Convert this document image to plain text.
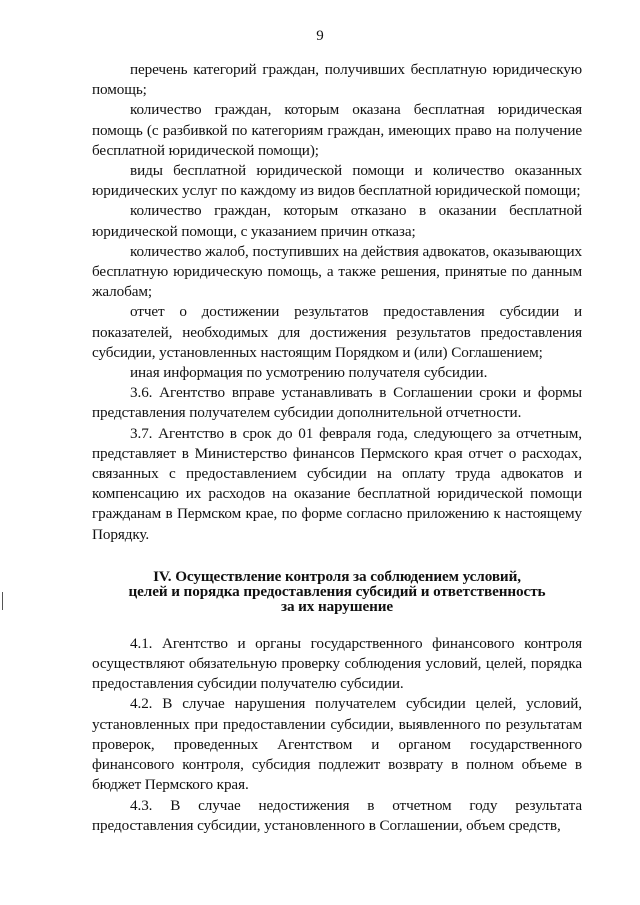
9

перечень категорий граждан, получивших бесплатную юридическую помощь;

количество граждан, которым оказана бесплатная юридическая помощь (с разбивкой по категориям граждан, имеющих право на получение бесплатной юридической помощи);

виды бесплатной юридической помощи и количество оказанных юридических услуг по каждому из видов бесплатной юридической помощи;

количество граждан, которым отказано в оказании бесплатной юридической помощи, с указанием причин отказа;

количество жалоб, поступивших на действия адвокатов, оказывающих бесплатную юридическую помощь, а также решения, принятые по данным жалобам;

отчет о достижении результатов предоставления субсидии и показателей, необходимых для достижения результатов предоставления субсидии, установленных настоящим Порядком и (или) Соглашением;

иная информация по усмотрению получателя субсидии.

3.6. Агентство вправе устанавливать в Соглашении сроки и формы представления получателем субсидии дополнительной отчетности.

3.7. Агентство в срок до 01 февраля года, следующего за отчетным, представляет в Министерство финансов Пермского края отчет о расходах, связанных с предоставлением субсидии на оплату труда адвокатов и компенсацию их расходов на оказание бесплатной юридической помощи гражданам в Пермском крае, по форме согласно приложению к настоящему Порядку.

IV. Осуществление контроля за соблюдением условий,
целей и порядка предоставления субсидий и ответственность
за их нарушение

4.1. Агентство и органы государственного финансового контроля осуществляют обязательную проверку соблюдения условий, целей, порядка предоставления субсидии получателю субсидии.

4.2. В случае нарушения получателем субсидии целей, условий, установленных при предоставлении субсидии, выявленного по результатам проверок, проведенных Агентством и органом государственного финансового контроля, субсидия подлежит возврату в полном объеме в бюджет Пермского края.

4.3. В случае недостижения в отчетном году результата предоставления субсидии, установленного в Соглашении, объем средств,
